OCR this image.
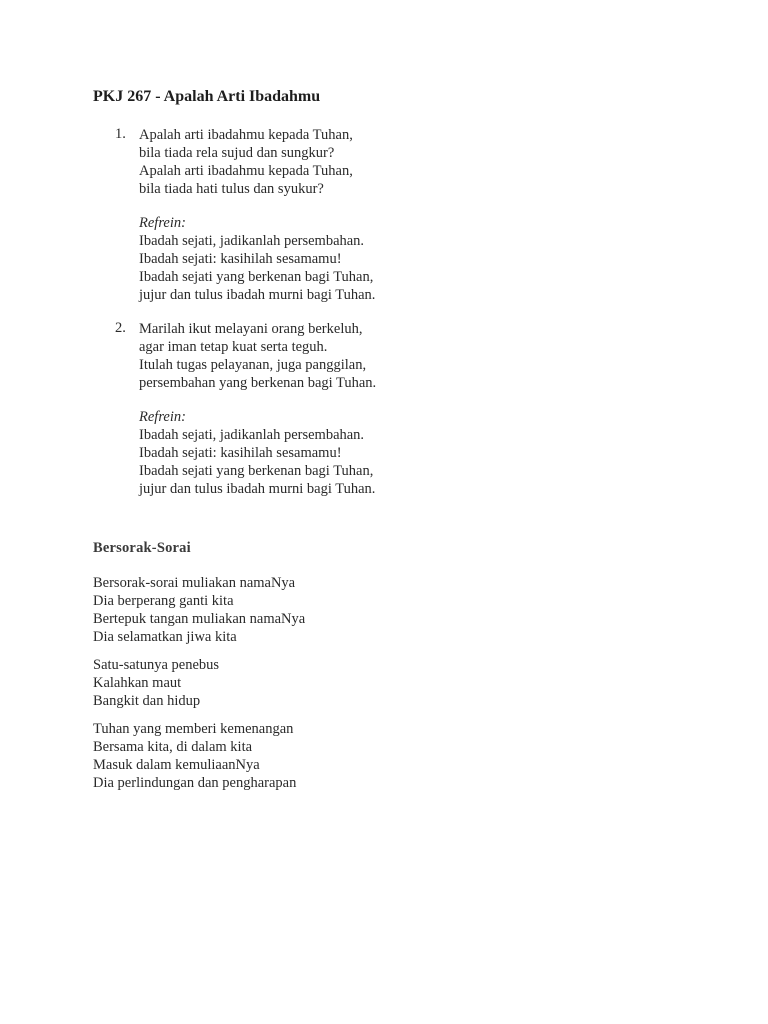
PKJ 267 - Apalah Arti Ibadahmu
1. Apalah arti ibadahmu kepada Tuhan,
bila tiada rela sujud dan sungkur?
Apalah arti ibadahmu kepada Tuhan,
bila tiada hati tulus dan syukur?
Refrein:
Ibadah sejati, jadikanlah persembahan.
Ibadah sejati: kasihilah sesamamu!
Ibadah sejati yang berkenan bagi Tuhan,
jujur dan tulus ibadah murni bagi Tuhan.
2. Marilah ikut melayani orang berkeluh,
agar iman tetap kuat serta teguh.
Itulah tugas pelayanan, juga panggilan,
persembahan yang berkenan bagi Tuhan.
Refrein:
Ibadah sejati, jadikanlah persembahan.
Ibadah sejati: kasihilah sesamamu!
Ibadah sejati yang berkenan bagi Tuhan,
jujur dan tulus ibadah murni bagi Tuhan.
Bersorak-Sorai
Bersorak-sorai muliakan namaNya
Dia berperang ganti kita
Bertepuk tangan muliakan namaNya
Dia selamatkan jiwa kita
Satu-satunya penebus
Kalahkan maut
Bangkit dan hidup
Tuhan yang memberi kemenangan
Bersama kita, di dalam kita
Masuk dalam kemuliaanNya
Dia perlindungan dan pengharapan
